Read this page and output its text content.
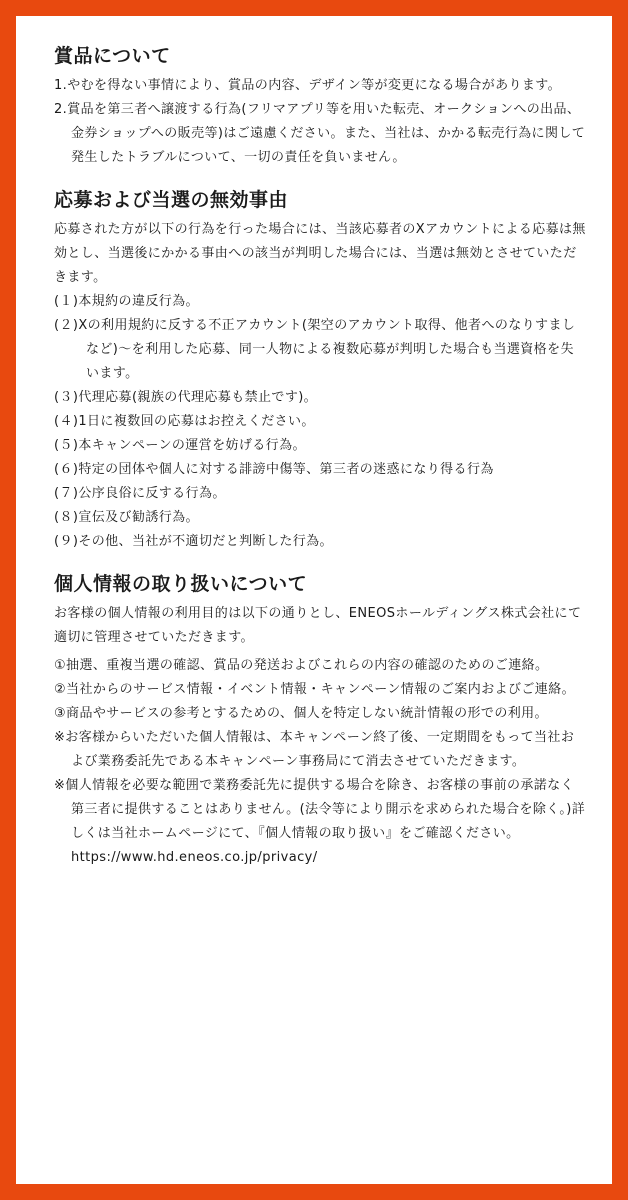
賞品について

1.やむを得ない事情により、賞品の内容、デザイン等が変更になる場合があります。

2.賞品を第三者へ譲渡する行為(フリマアプリ等を用いた転売、オークションへの出品、金券ショップへの販売等)はご遠慮ください。また、当社は、かかる転売行為に関して発生したトラブルについて、一切の責任を負いません。

応募および当選の無効事由

応募された方が以下の行為を行った場合には、当該応募者のXアカウントによる応募は無効とし、当選後にかかる事由への該当が判明した場合には、当選は無効とさせていただきます。

(１)本規約の違反行為。

(２)Xの利用規約に反する不正アカウント(架空のアカウント取得、他者へのなりすましなど)〜を利用した応募、同一人物による複数応募が判明した場合も当選資格を失います。

(３)代理応募(親族の代理応募も禁止です)。

(４)1日に複数回の応募はお控えください。

(５)本キャンペーンの運営を妨げる行為。

(６)特定の団体や個人に対する誹謗中傷等、第三者の迷惑になり得る行為

(７)公序良俗に反する行為。

(８)宣伝及び勧誘行為。

(９)その他、当社が不適切だと判断した行為。

個人情報の取り扱いについて

お客様の個人情報の利用目的は以下の通りとし、ENEOSホールディングス株式会社にて適切に管理させていただきます。

①抽選、重複当選の確認、賞品の発送およびこれらの内容の確認のためのご連絡。

②当社からのサービス情報・イベント情報・キャンペーン情報のご案内およびご連絡。

③商品やサービスの参考とするための、個人を特定しない統計情報の形での利用。

※お客様からいただいた個人情報は、本キャンペーン終了後、一定期間をもって当社および業務委託先である本キャンペーン事務局にて消去させていただきます。

※個人情報を必要な範囲で業務委託先に提供する場合を除き、お客様の事前の承諾なく第三者に提供することはありません。(法令等により開示を求められた場合を除く。)詳しくは当社ホームページにて、『個人情報の取り扱い』をご確認ください。

https://www.hd.eneos.co.jp/privacy/
